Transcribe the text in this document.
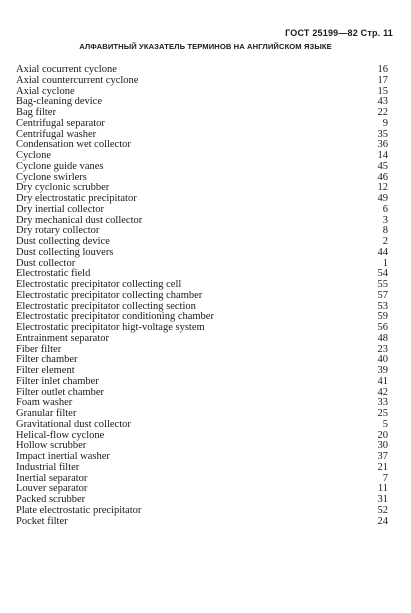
ГОСТ 25199—82 Стр. 11
АЛФАВИТНЫЙ УКАЗАТЕЛЬ ТЕРМИНОВ НА АНГЛИЙСКОМ ЯЗЫКЕ
Axial cocurrent cyclone	16
Axial countercurrent cyclone	17
Axial cyclone	15
Bag-cleaning device	43
Bag filter	22
Centrifugal separator	9
Centrifugal washer	35
Condensation wet collector	36
Cyclone	14
Cyclone guide vanes	45
Cyclone swirlers	46
Dry cyclonic scrubber	12
Dry electrostatic precipitator	49
Dry inertial collector	6
Dry mechanical dust collector	3
Dry rotary collector	8
Dust collecting device	2
Dust collecting louvers	44
Dust collector	1
Electrostatic field	54
Electrostatic precipitator collecting cell	55
Electrostatic precipitator collecting chamber	57
Electrostatic precipitator collecting section	53
Electrostatic precipitator conditioning chamber	59
Electrostatic precipitator higt-voltage system	56
Entrainment separator	48
Fiber filter	23
Filter chamber	40
Filter element	39
Filter inlet chamber	41
Filter outlet chamber	42
Foam washer	33
Granular filter	25
Gravitational dust collector	5
Helical-flow cyclone	20
Hollow scrubber	30
Impact inertial washer	37
Industrial filter	21
Inertial separator	7
Louver separator	11
Packed scrubber	31
Plate electrostatic precipitator	52
Pocket filter	24
